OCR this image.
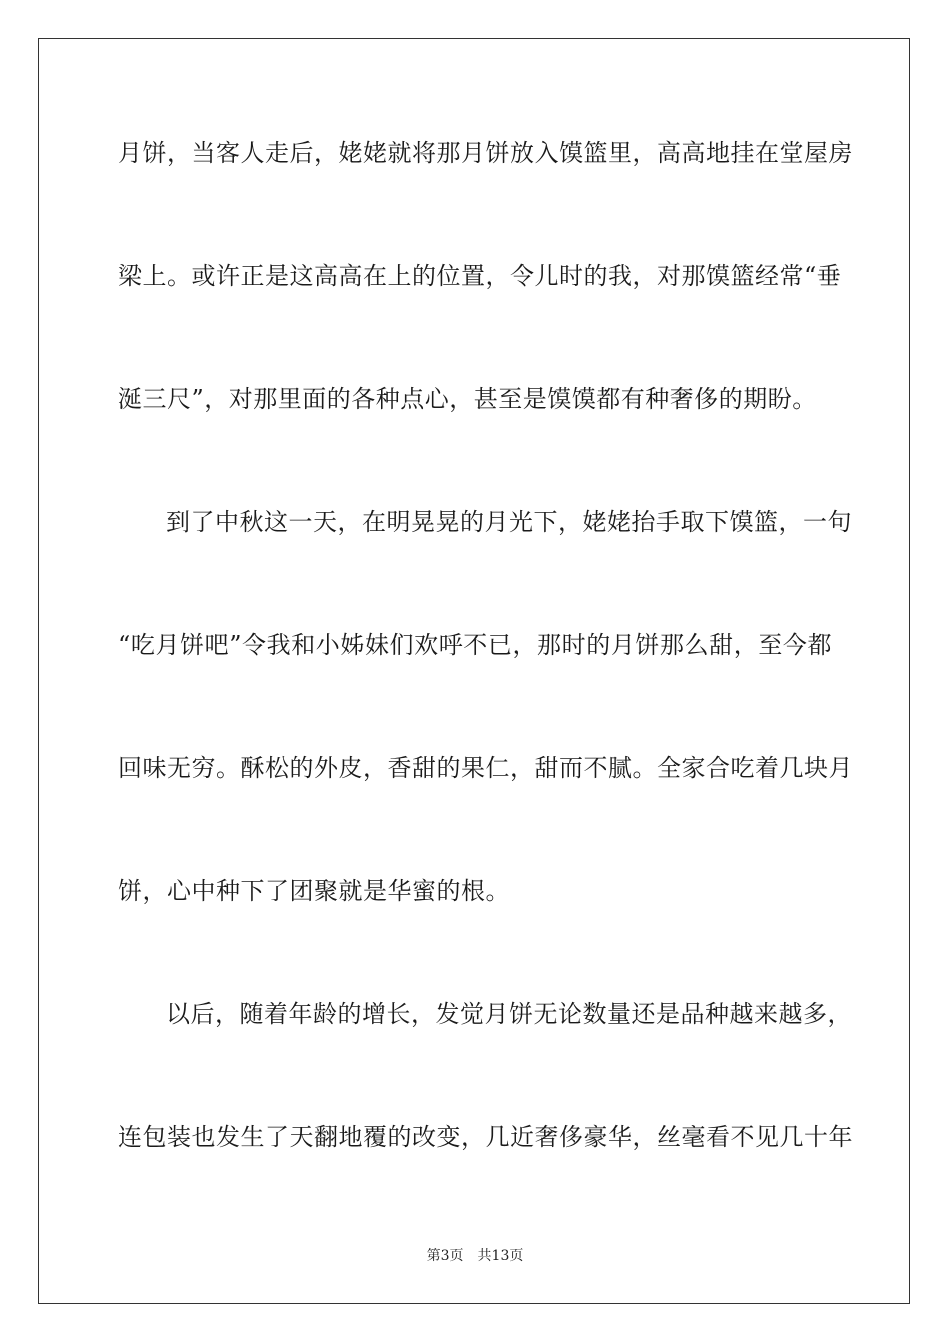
月饼，当客人走后，姥姥就将那月饼放入馍篮里，高高地挂在堂屋房
梁上。或许正是这高高在上的位置，令儿时的我，对那馍篮经常“垂
涎三尺”，对那里面的各种点心，甚至是馍馍都有种奢侈的期盼。
到了中秋这一天，在明晃晃的月光下，姥姥抬手取下馍篮，一句
“吃月饼吧”令我和小姊妹们欢呼不已，那时的月饼那么甜，至今都
回味无穷。酥松的外皮，香甜的果仁，甜而不腻。全家合吃着几块月
饼，心中种下了团聚就是华蜜的根。
以后，随着年龄的增长，发觉月饼无论数量还是品种越来越多，
连包装也发生了天翻地覆的改变，几近奢侈豪华，丝毫看不见几十年
第3页　共13页
